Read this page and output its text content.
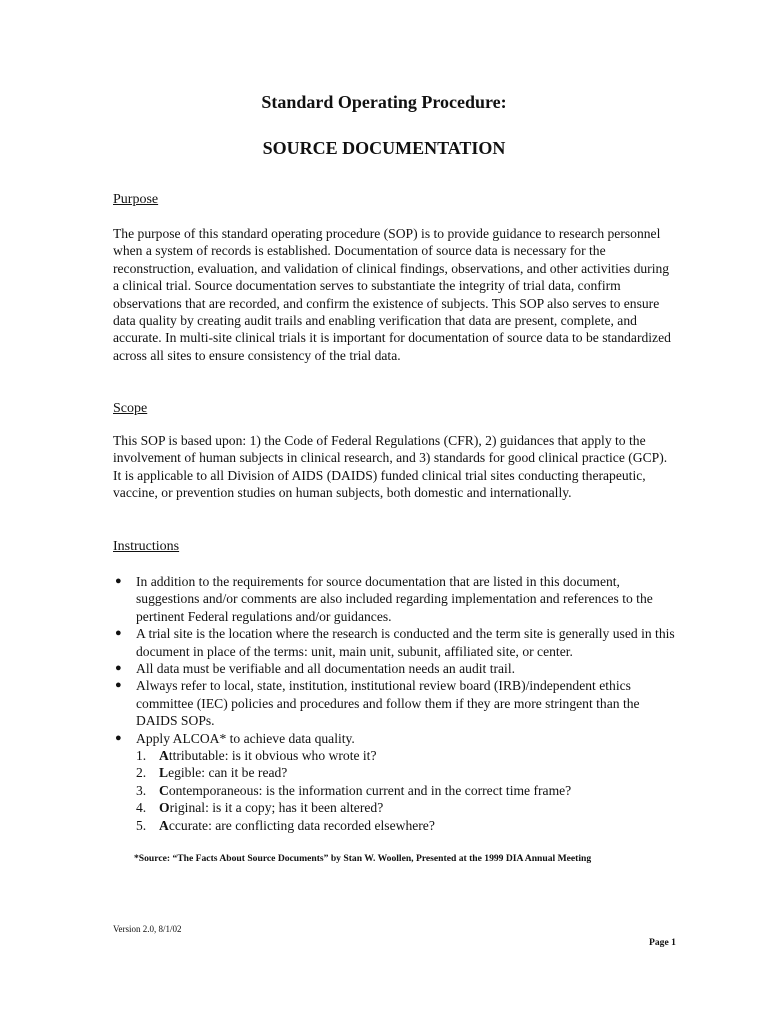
Standard Operating Procedure:
SOURCE DOCUMENTATION

Purpose

The purpose of this standard operating procedure (SOP) is to provide guidance to research personnel when a system of records is established. Documentation of source data is necessary for the reconstruction, evaluation, and validation of clinical findings, observations, and other activities during a clinical trial. Source documentation serves to substantiate the integrity of trial data, confirm observations that are recorded, and confirm the existence of subjects. This SOP also serves to ensure data quality by creating audit trails and enabling verification that data are present, complete, and accurate. In multi-site clinical trials it is important for documentation of source data to be standardized across all sites to ensure consistency of the trial data.

Scope

This SOP is based upon: 1) the Code of Federal Regulations (CFR), 2) guidances that apply to the involvement of human subjects in clinical research, and 3) standards for good clinical practice (GCP). It is applicable to all Division of AIDS (DAIDS) funded clinical trial sites conducting therapeutic, vaccine, or prevention studies on human subjects, both domestic and internationally.

Instructions

● In addition to the requirements for source documentation that are listed in this document, suggestions and/or comments are also included regarding implementation and references to the pertinent Federal regulations and/or guidances.
● A trial site is the location where the research is conducted and the term site is generally used in this document in place of the terms: unit, main unit, subunit, affiliated site, or center.
● All data must be verifiable and all documentation needs an audit trail.
● Always refer to local, state, institution, institutional review board (IRB)/independent ethics committee (IEC) policies and procedures and follow them if they are more stringent than the DAIDS SOPs.
● Apply ALCOA* to achieve data quality.
1. Attributable: is it obvious who wrote it?
2. Legible: can it be read?
3. Contemporaneous: is the information current and in the correct time frame?
4. Original: is it a copy; has it been altered?
5. Accurate: are conflicting data recorded elsewhere?

*Source: “The Facts About Source Documents” by Stan W. Woollen, Presented at the 1999 DIA Annual Meeting

Version 2.0, 8/1/02

Page 1
